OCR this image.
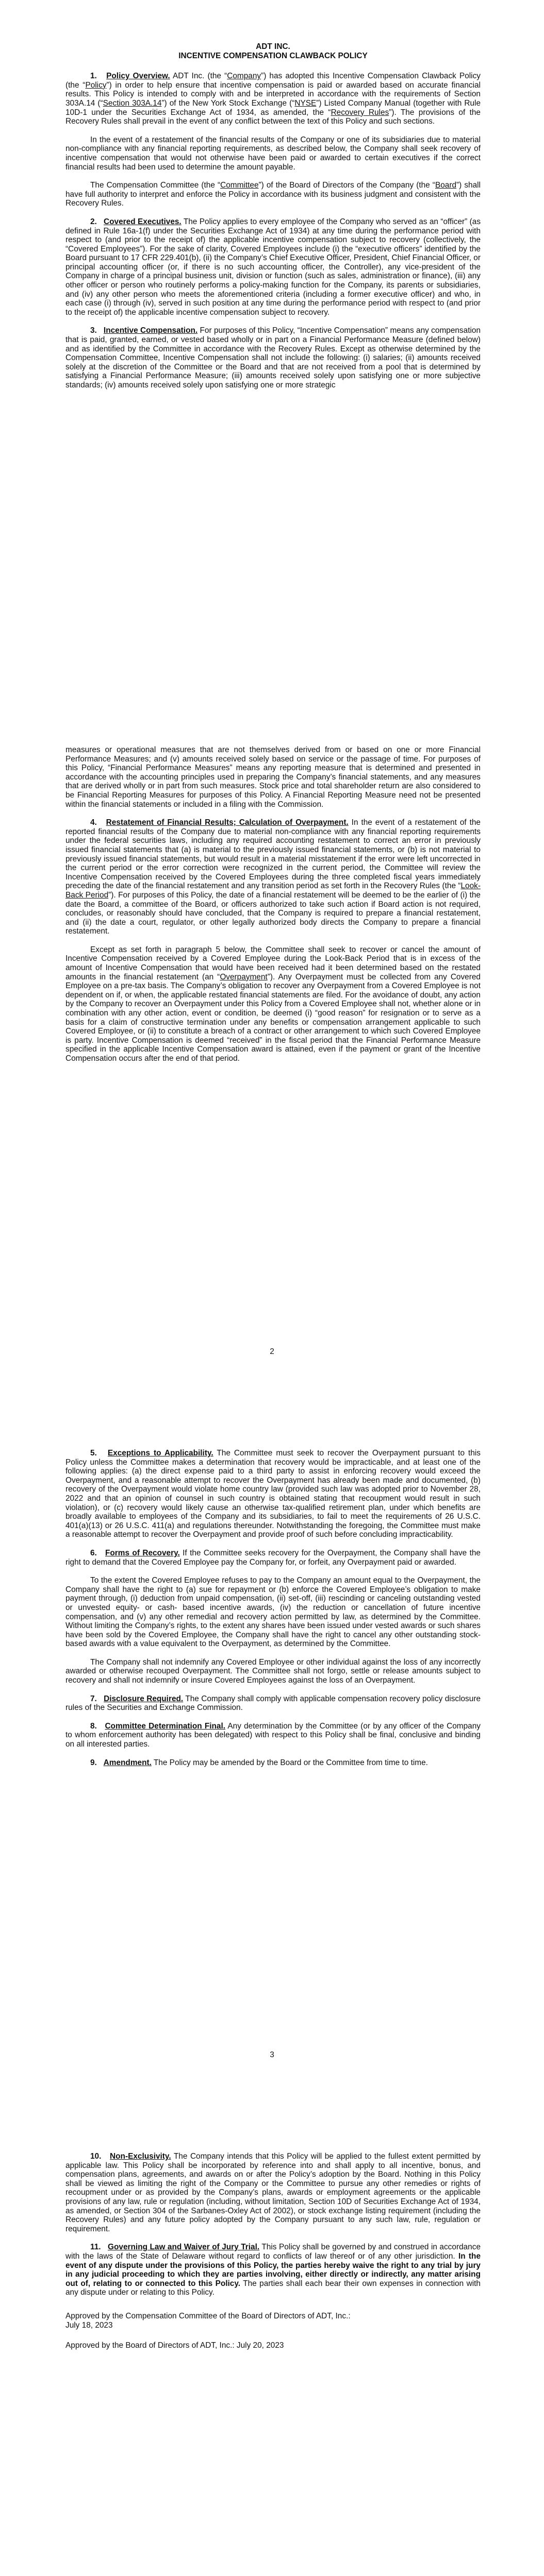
ADT INC.

INCENTIVE COMPENSATION CLAWBACK POLICY

1. Policy Overview. ADT Inc. (the “Company”) has adopted this Incentive Compensation Clawback Policy (the “Policy”) in order to help ensure that incentive compensation is paid or awarded based on accurate financial results. This Policy is intended to comply with and be interpreted in accordance with the requirements of Section 303A.14 (“Section 303A.14”) of the New York Stock Exchange (“NYSE”) Listed Company Manual (together with Rule 10D-1 under the Securities Exchange Act of 1934, as amended, the “Recovery Rules”). The provisions of the Recovery Rules shall prevail in the event of any conflict between the text of this Policy and such sections.

In the event of a restatement of the financial results of the Company or one of its subsidiaries due to material non-compliance with any financial reporting requirements, as described below, the Company shall seek recovery of incentive compensation that would not otherwise have been paid or awarded to certain executives if the correct financial results had been used to determine the amount payable.

The Compensation Committee (the “Committee”) of the Board of Directors of the Company (the “Board”) shall have full authority to interpret and enforce the Policy in accordance with its business judgment and consistent with the Recovery Rules.

2. Covered Executives. The Policy applies to every employee of the Company who served as an “officer” (as defined in Rule 16a-1(f) under the Securities Exchange Act of 1934) at any time during the performance period with respect to (and prior to the receipt of) the applicable incentive compensation subject to recovery (collectively, the “Covered Employees”). For the sake of clarity, Covered Employees include (i) the “executive officers” identified by the Board pursuant to 17 CFR 229.401(b), (ii) the Company’s Chief Executive Officer, President, Chief Financial Officer, or principal accounting officer (or, if there is no such accounting officer, the Controller), any vice-president of the Company in charge of a principal business unit, division or function (such as sales, administration or finance), (iii) any other officer or person who routinely performs a policy-making function for the Company, its parents or subsidiaries, and (iv) any other person who meets the aforementioned criteria (including a former executive officer) and who, in each case (i) through (iv), served in such position at any time during the performance period with respect to (and prior to the receipt of) the applicable incentive compensation subject to recovery.

3. Incentive Compensation. For purposes of this Policy, “Incentive Compensation” means any compensation that is paid, granted, earned, or vested based wholly or in part on a Financial Performance Measure (defined below) and as identified by the Committee in accordance with the Recovery Rules. Except as otherwise determined by the Compensation Committee, Incentive Compensation shall not include the following: (i) salaries; (ii) amounts received solely at the discretion of the Committee or the Board and that are not received from a pool that is determined by satisfying a Financial Performance Measure; (iii) amounts received solely upon satisfying one or more subjective standards; (iv) amounts received solely upon satisfying one or more strategic

measures or operational measures that are not themselves derived from or based on one or more Financial Performance Measures; and (v) amounts received solely based on service or the passage of time. For purposes of this Policy, “Financial Performance Measures” means any reporting measure that is determined and presented in accordance with the accounting principles used in preparing the Company’s financial statements, and any measures that are derived wholly or in part from such measures. Stock price and total shareholder return are also considered to be Financial Reporting Measures for purposes of this Policy. A Financial Reporting Measure need not be presented within the financial statements or included in a filing with the Commission.

4. Restatement of Financial Results; Calculation of Overpayment. In the event of a restatement of the reported financial results of the Company due to material non-compliance with any financial reporting requirements under the federal securities laws, including any required accounting restatement to correct an error in previously issued financial statements that (a) is material to the previously issued financial statements, or (b) is not material to previously issued financial statements, but would result in a material misstatement if the error were left uncorrected in the current period or the error correction were recognized in the current period, the Committee will review the Incentive Compensation received by the Covered Employees during the three completed fiscal years immediately preceding the date of the financial restatement and any transition period as set forth in the Recovery Rules (the “Look-Back Period”). For purposes of this Policy, the date of a financial restatement will be deemed to be the earlier of (i) the date the Board, a committee of the Board, or officers authorized to take such action if Board action is not required, concludes, or reasonably should have concluded, that the Company is required to prepare a financial restatement, and (ii) the date a court, regulator, or other legally authorized body directs the Company to prepare a financial restatement.

Except as set forth in paragraph 5 below, the Committee shall seek to recover or cancel the amount of Incentive Compensation received by a Covered Employee during the Look-Back Period that is in excess of the amount of Incentive Compensation that would have been received had it been determined based on the restated amounts in the financial restatement (an “Overpayment”). Any Overpayment must be collected from any Covered Employee on a pre-tax basis. The Company’s obligation to recover any Overpayment from a Covered Employee is not dependent on if, or when, the applicable restated financial statements are filed. For the avoidance of doubt, any action by the Company to recover an Overpayment under this Policy from a Covered Employee shall not, whether alone or in combination with any other action, event or condition, be deemed (i) “good reason” for resignation or to serve as a basis for a claim of constructive termination under any benefits or compensation arrangement applicable to such Covered Employee, or (ii) to constitute a breach of a contract or other arrangement to which such Covered Employee is party. Incentive Compensation is deemed “received” in the fiscal period that the Financial Performance Measure specified in the applicable Incentive Compensation award is attained, even if the payment or grant of the Incentive Compensation occurs after the end of that period.

2

5. Exceptions to Applicability. The Committee must seek to recover the Overpayment pursuant to this Policy unless the Committee makes a determination that recovery would be impracticable, and at least one of the following applies: (a) the direct expense paid to a third party to assist in enforcing recovery would exceed the Overpayment, and a reasonable attempt to recover the Overpayment has already been made and documented, (b) recovery of the Overpayment would violate home country law (provided such law was adopted prior to November 28, 2022 and that an opinion of counsel in such country is obtained stating that recoupment would result in such violation), or (c) recovery would likely cause an otherwise tax-qualified retirement plan, under which benefits are broadly available to employees of the Company and its subsidiaries, to fail to meet the requirements of 26 U.S.C. 401(a)(13) or 26 U.S.C. 411(a) and regulations thereunder. Notwithstanding the foregoing, the Committee must make a reasonable attempt to recover the Overpayment and provide proof of such before concluding impracticability.

6. Forms of Recovery. If the Committee seeks recovery for the Overpayment, the Company shall have the right to demand that the Covered Employee pay the Company for, or forfeit, any Overpayment paid or awarded.

To the extent the Covered Employee refuses to pay to the Company an amount equal to the Overpayment, the Company shall have the right to (a) sue for repayment or (b) enforce the Covered Employee’s obligation to make payment through, (i) deduction from unpaid compensation, (ii) set-off, (iii) rescinding or canceling outstanding vested or unvested equity- or cash- based incentive awards, (iv) the reduction or cancellation of future incentive compensation, and (v) any other remedial and recovery action permitted by law, as determined by the Committee. Without limiting the Company’s rights, to the extent any shares have been issued under vested awards or such shares have been sold by the Covered Employee, the Company shall have the right to cancel any other outstanding stock-based awards with a value equivalent to the Overpayment, as determined by the Committee.

The Company shall not indemnify any Covered Employee or other individual against the loss of any incorrectly awarded or otherwise recouped Overpayment. The Committee shall not forgo, settle or release amounts subject to recovery and shall not indemnify or insure Covered Employees against the loss of an Overpayment.

7. Disclosure Required. The Company shall comply with applicable compensation recovery policy disclosure rules of the Securities and Exchange Commission.

8. Committee Determination Final. Any determination by the Committee (or by any officer of the Company to whom enforcement authority has been delegated) with respect to this Policy shall be final, conclusive and binding on all interested parties.

9. Amendment. The Policy may be amended by the Board or the Committee from time to time.

3

10. Non-Exclusivity. The Company intends that this Policy will be applied to the fullest extent permitted by applicable law. This Policy shall be incorporated by reference into and shall apply to all incentive, bonus, and compensation plans, agreements, and awards on or after the Policy’s adoption by the Board. Nothing in this Policy shall be viewed as limiting the right of the Company or the Committee to pursue any other remedies or rights of recoupment under or as provided by the Company’s plans, awards or employment agreements or the applicable provisions of any law, rule or regulation (including, without limitation, Section 10D of Securities Exchange Act of 1934, as amended, or Section 304 of the Sarbanes-Oxley Act of 2002), or stock exchange listing requirement (including the Recovery Rules) and any future policy adopted by the Company pursuant to any such law, rule, regulation or requirement.

11. Governing Law and Waiver of Jury Trial. This Policy shall be governed by and construed in accordance with the laws of the State of Delaware without regard to conflicts of law thereof or of any other jurisdiction. In the event of any dispute under the provisions of this Policy, the parties hereby waive the right to any trial by jury in any judicial proceeding to which they are parties involving, either directly or indirectly, any matter arising out of, relating to or connected to this Policy. The parties shall each bear their own expenses in connection with any dispute under or relating to this Policy.

Approved by the Compensation Committee of the Board of Directors of ADT, Inc.:

July 18, 2023

Approved by the Board of Directors of ADT, Inc.: July 20, 2023
